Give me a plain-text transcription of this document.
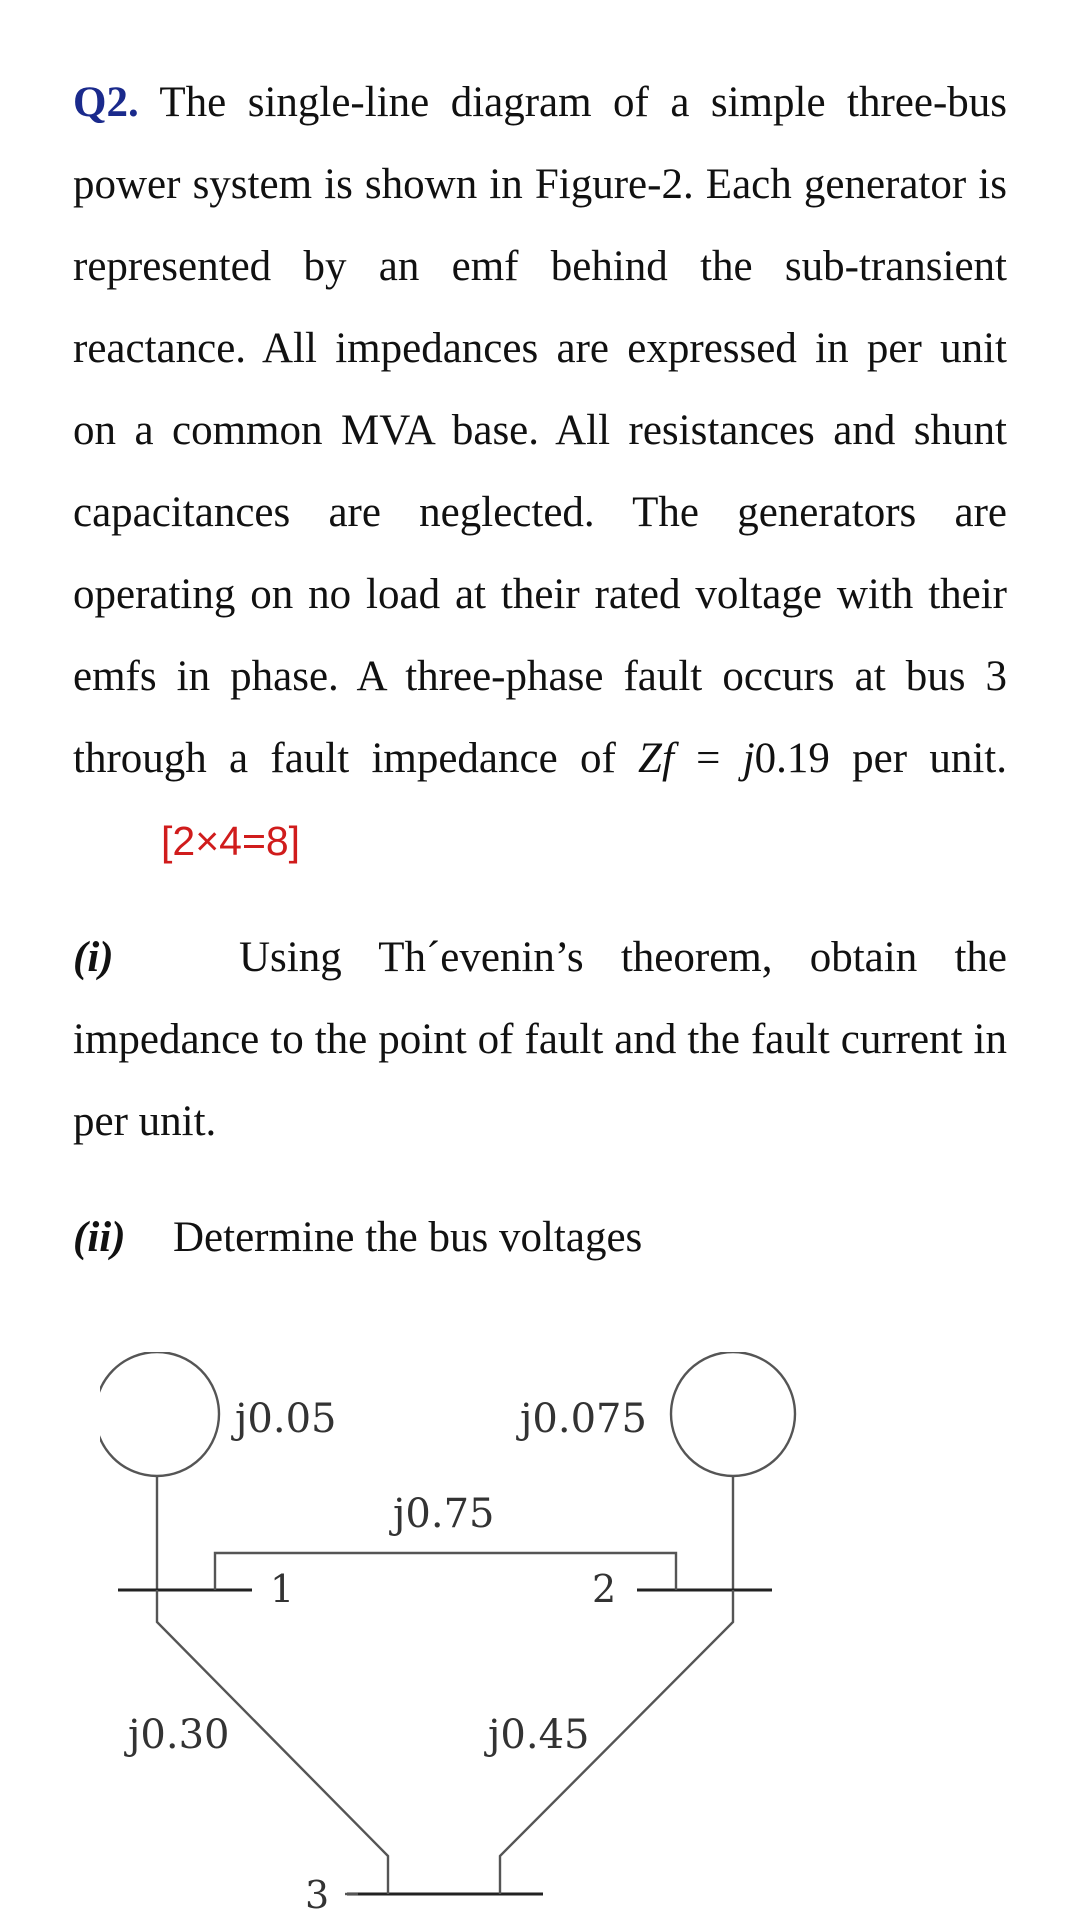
Q2. The single-line diagram of a simple three-bus power system is shown in Figure-2. Each generator is represented by an emf behind the sub-transient reactance. All impedances are expressed in per unit on a common MVA base. All resistances and shunt capacitances are neglected. The generators are operating on no load at their rated voltage with their emfs in phase. A three-phase fault occurs at bus 3 through a fault impedance of Zf = j0.19 per unit.[2×4=8]

(i)	Using Th´evenin’s theorem, obtain the impedance to the point of fault and the fault current in per unit.

(ii) Determine the bus voltages

j0.05	j0.075
j0.75
j0.30	j0.45
1	2
3
